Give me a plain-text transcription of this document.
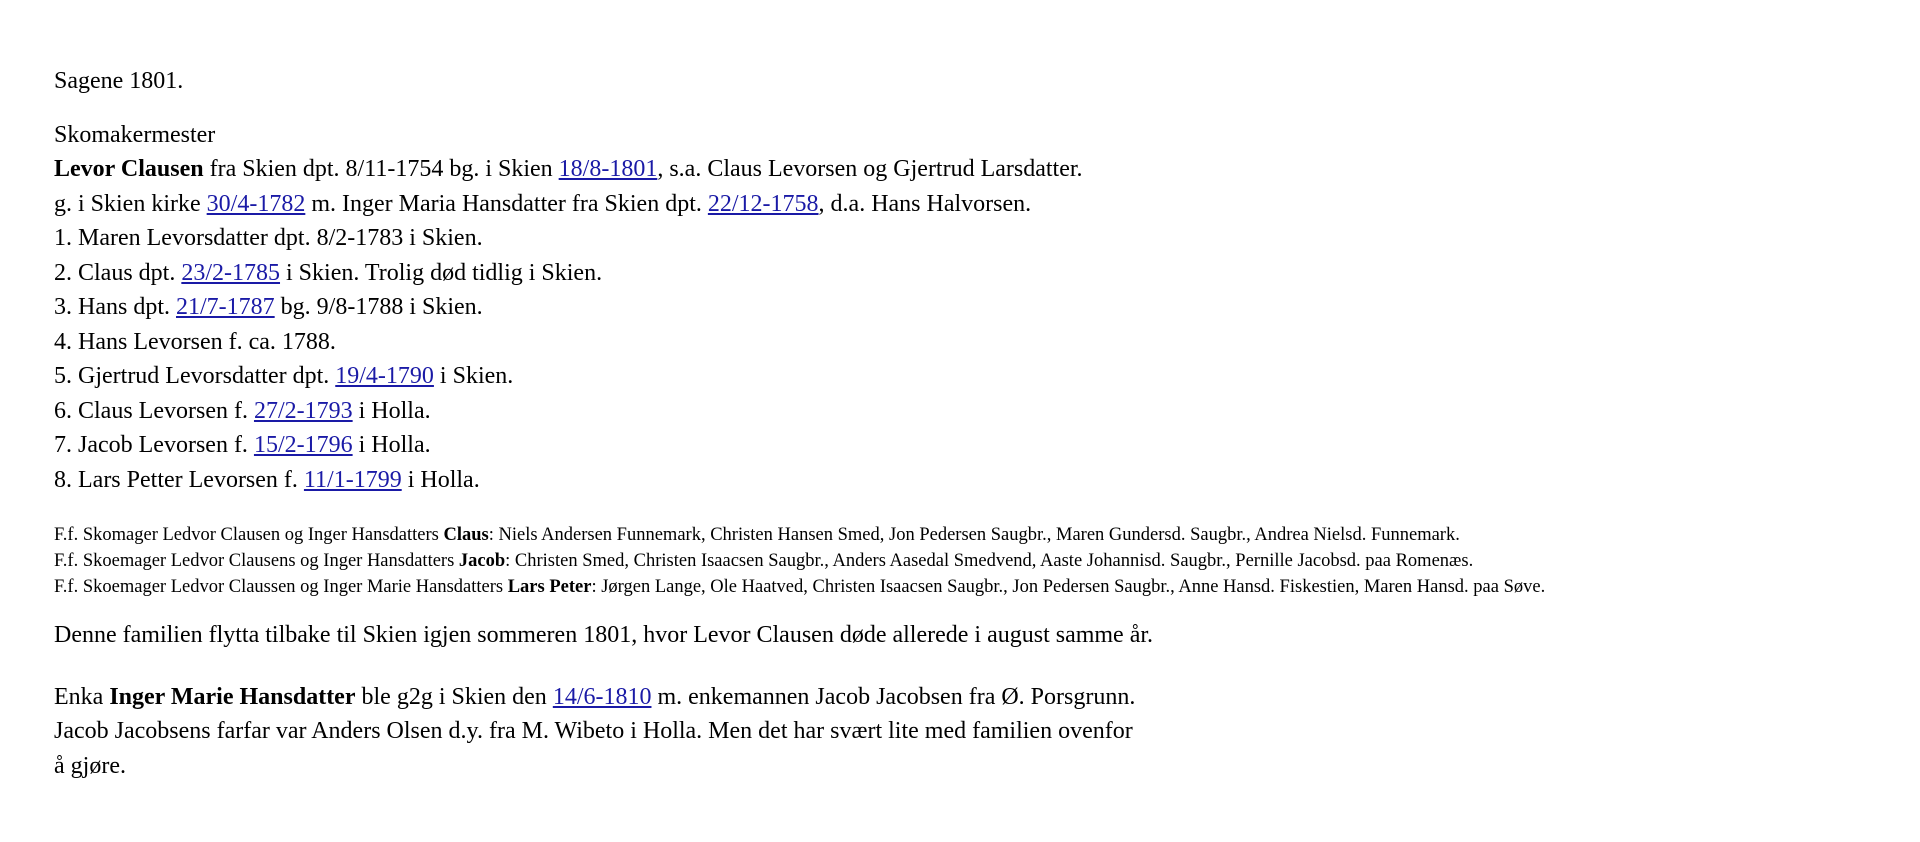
Sagene 1801.
Skomakermester
Levor Clausen fra Skien dpt. 8/11-1754 bg. i Skien 18/8-1801, s.a. Claus Levorsen og Gjertrud Larsdatter.
g. i Skien kirke 30/4-1782 m. Inger Maria Hansdatter fra Skien dpt. 22/12-1758, d.a. Hans Halvorsen.
1. Maren Levorsdatter dpt. 8/2-1783 i Skien.
2. Claus dpt. 23/2-1785 i Skien. Trolig død tidlig i Skien.
3. Hans dpt. 21/7-1787 bg. 9/8-1788 i Skien.
4. Hans Levorsen f. ca. 1788.
5. Gjertrud Levorsdatter dpt. 19/4-1790 i Skien.
6. Claus Levorsen f. 27/2-1793 i Holla.
7. Jacob Levorsen f. 15/2-1796 i Holla.
8. Lars Petter Levorsen f. 11/1-1799 i Holla.
F.f. Skomager Ledvor Clausen og Inger Hansdatters Claus: Niels Andersen Funnemark, Christen Hansen Smed, Jon Pedersen Saugbr., Maren Gundersd. Saugbr., Andrea Nielsd. Funnemark.
F.f. Skoemager Ledvor Clausens og Inger Hansdatters Jacob: Christen Smed, Christen Isaacsen Saugbr., Anders Aasedal Smedvend, Aaste Johannisd. Saugbr., Pernille Jacobsd. paa Romenæs.
F.f. Skoemager Ledvor Claussen og Inger Marie Hansdatters Lars Peter: Jørgen Lange, Ole Haatved, Christen Isaacsen Saugbr., Jon Pedersen Saugbr., Anne Hansd. Fiskestien, Maren Hansd. paa Søve.
Denne familien flytta tilbake til Skien igjen sommeren 1801, hvor Levor Clausen døde allerede i august samme år.
Enka Inger Marie Hansdatter ble g2g i Skien den 14/6-1810 m. enkemannen Jacob Jacobsen fra Ø. Porsgrunn.
Jacob Jacobsens farfar var Anders Olsen d.y. fra M. Wibeto i Holla. Men det har svært lite med familien ovenfor
å gjøre.
